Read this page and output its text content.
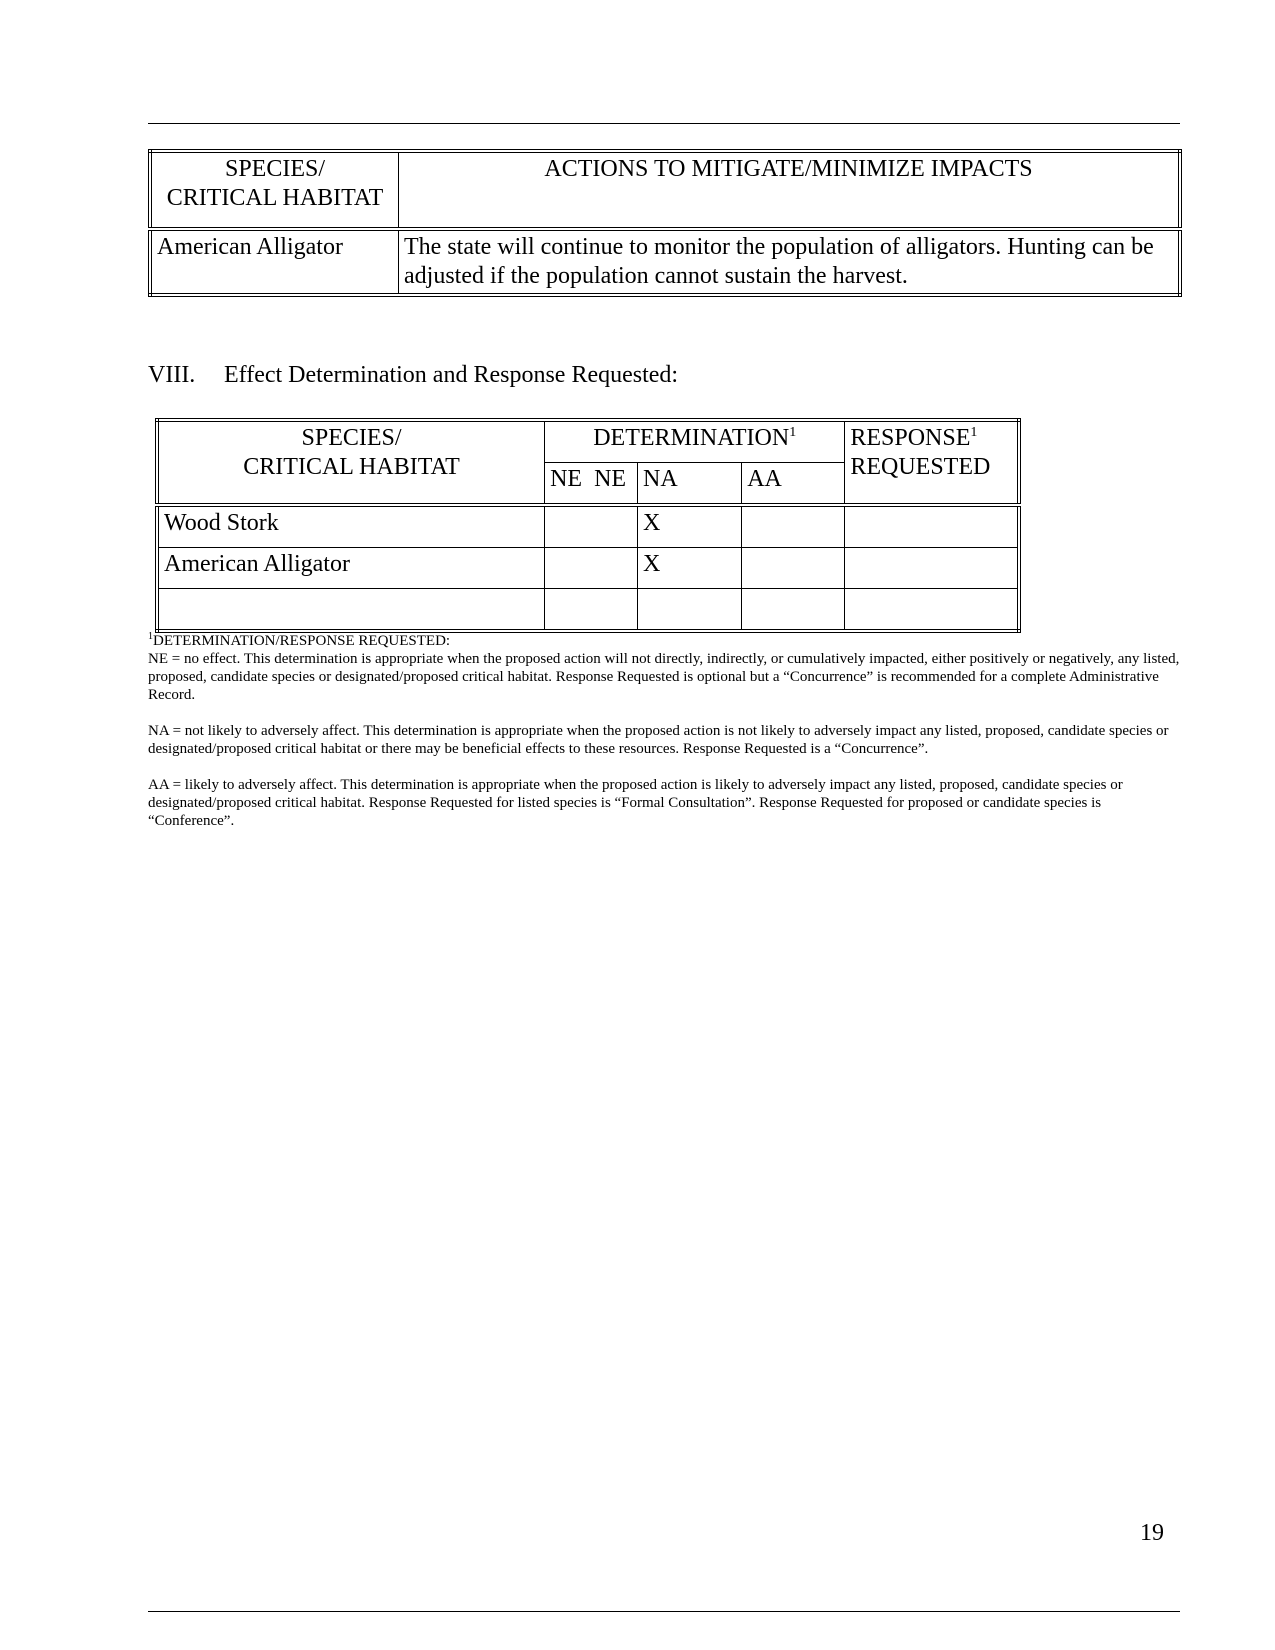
SPECIES/
CRITICAL HABITAT	ACTIONS TO MITIGATE/MINIMIZE IMPACTS
American Alligator	The state will continue to monitor the population of alligators. Hunting can be adjusted if the population cannot sustain the harvest.
VIII. Effect Determination and Response Requested:
SPECIES/
CRITICAL HABITAT	DETERMINATION$^1$			RESPONSE$^1$
REQUESTED
	NE  NE	NA	AA	
Wood Stork		X		
American Alligator		X		

$^1$DETERMINATION/RESPONSE REQUESTED:

NE = no effect. This determination is appropriate when the proposed action will not directly, indirectly, or cumulatively impacted, either positively or negatively, any listed, proposed, candidate species or designated/proposed critical habitat. Response Requested is optional but a “Concurrence” is recommended for a complete Administrative Record.

NA = not likely to adversely affect. This determination is appropriate when the proposed action is not likely to adversely impact any listed, proposed, candidate species or designated/proposed critical habitat or there may be beneficial effects to these resources. Response Requested is a “Concurrence”.

AA = likely to adversely affect. This determination is appropriate when the proposed action is likely to adversely impact any listed, proposed, candidate species or designated/proposed critical habitat. Response Requested for listed species is “Formal Consultation”. Response Requested for proposed or candidate species is “Conference”.

19
